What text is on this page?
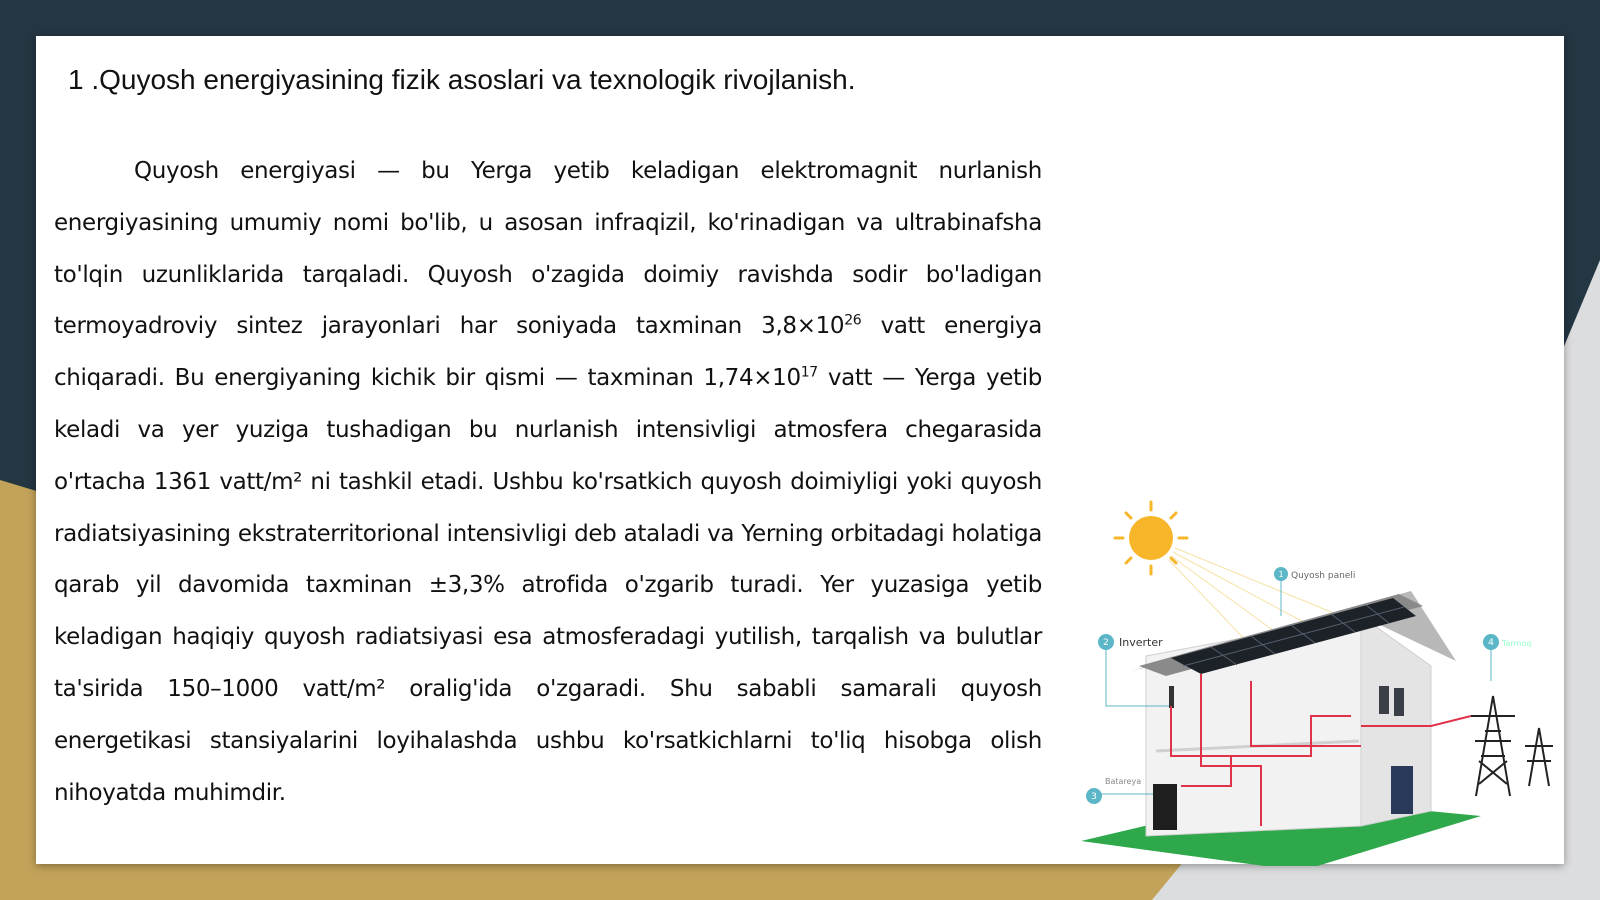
1 .Quyosh energiyasining fizik asoslari va texnologik rivojlanish.

Quyosh energiyasi — bu Yerga yetib keladigan elektromagnit nurlanish energiyasining umumiy nomi bo'lib, u asosan infraqizil, ko'rinadigan va ultrabinafsha to'lqin uzunliklarida tarqaladi. Quyosh o'zagida doimiy ravishda sodir bo'ladigan termoyadroviy sintez jarayonlari har soniyada taxminan $3,8\times 10^{26}$ vatt energiya chiqaradi. Bu energiyaning kichik bir qismi — taxminan $1,74\times 10^{17}$ vatt — Yerga yetib keladi va yer yuziga tushadigan bu nurlanish intensivligi atmosfera chegarasida o'rtacha 1361 vatt/m² ni tashkil etadi. Ushbu ko'rsatkich quyosh doimiyligi yoki quyosh radiatsiyasining ekstraterritorional intensivligi deb ataladi va Yerning orbitadagi holatiga qarab yil davomida taxminan ±3,3% atrofida o'zgarib turadi. Yer yuzasiga yetib keladigan haqiqiy quyosh radiatsiyasi esa atmosferadagi yutilish, tarqalish va bulutlar ta'sirida 150–1000 vatt/m² oralig'ida o'zgaradi. Shu sababli samarali quyosh energetikasi stansiyalarini loyihalashda ushbu ko'rsatkichlarni to'liq hisobga olish nihoyatda muhimdir.

1 Quyosh paneli
2 Inverter
3
Batareya
4 Tarmoq
